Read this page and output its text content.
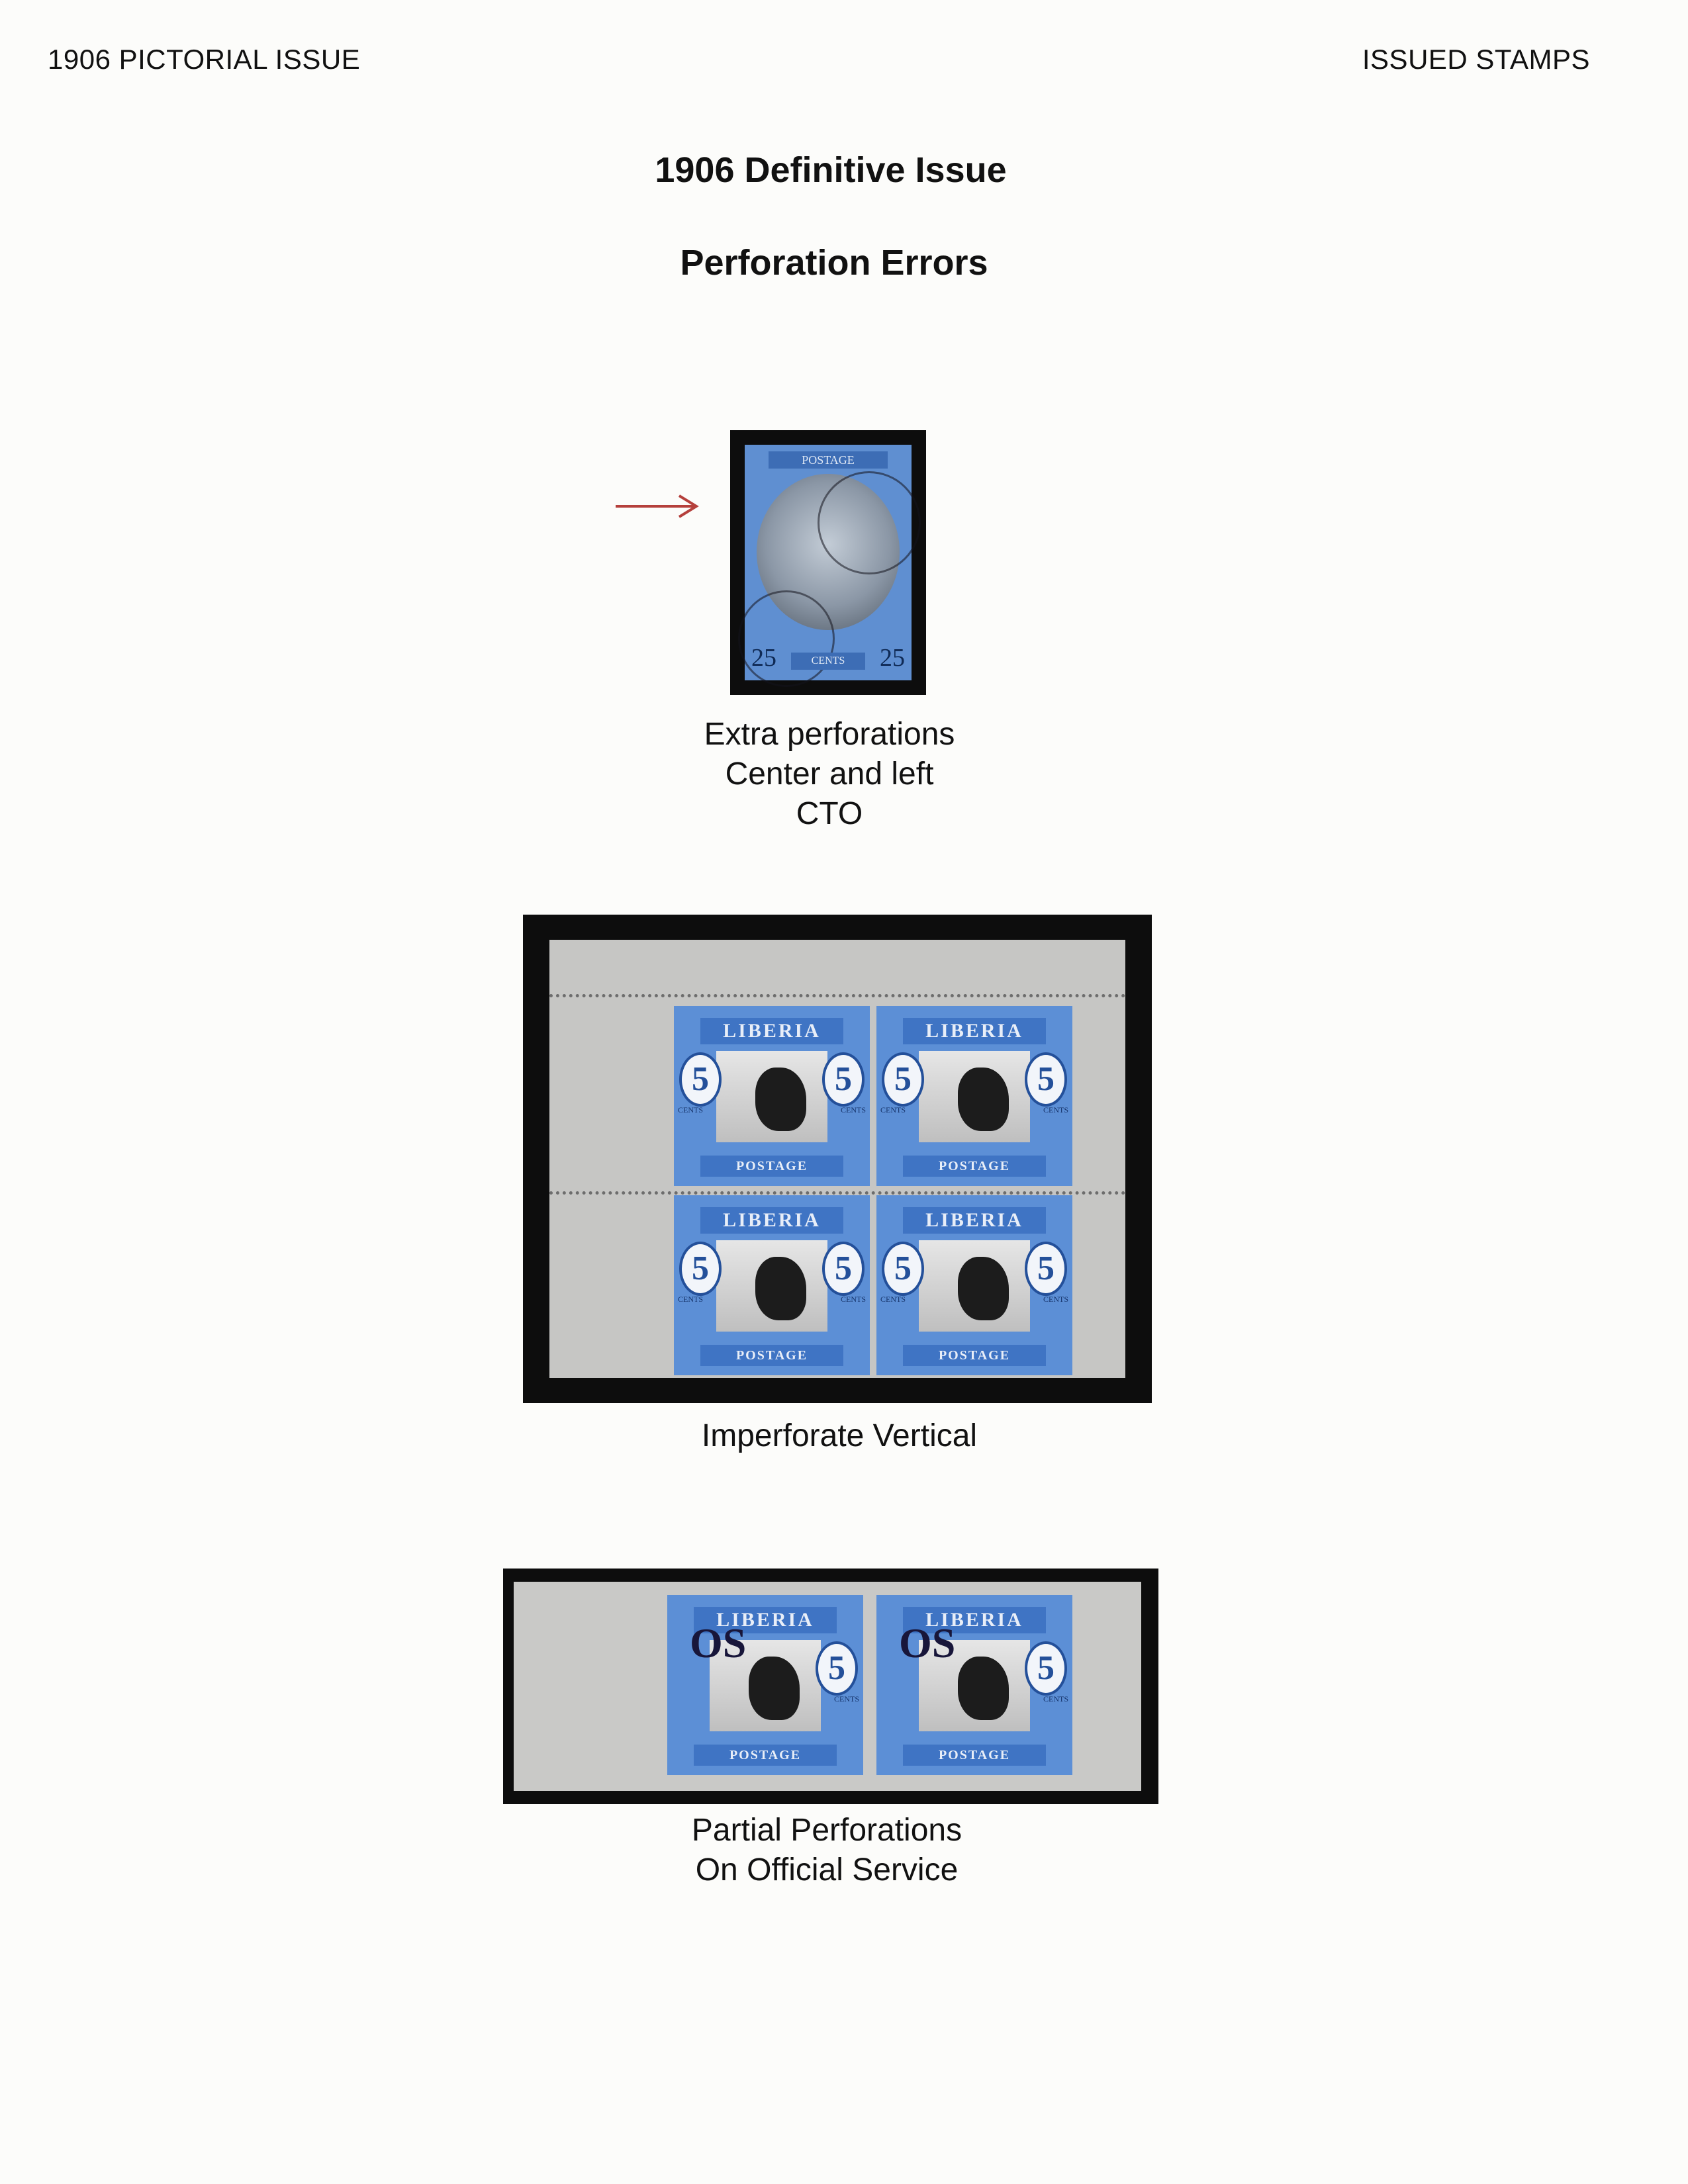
1906 PICTORIAL ISSUE	ISSUED STAMPS
1906 Definitive Issue
Perforation Errors
POSTAGE
25	CENTS	25
Extra perforations
Center and left
CTO
LIBERIA
5	5
CENTS	CENTS
POSTAGE
LIBERIA
5	5
CENTS	CENTS
POSTAGE
LIBERIA
5	5
CENTS	CENTS
POSTAGE
LIBERIA
5	5
CENTS	CENTS
POSTAGE
Imperforate Vertical
LIBERIA
5
CENTS
POSTAGE
OS	LIBERIA
5
CENTS
POSTAGE
OS
Partial Perforations
On Official Service
